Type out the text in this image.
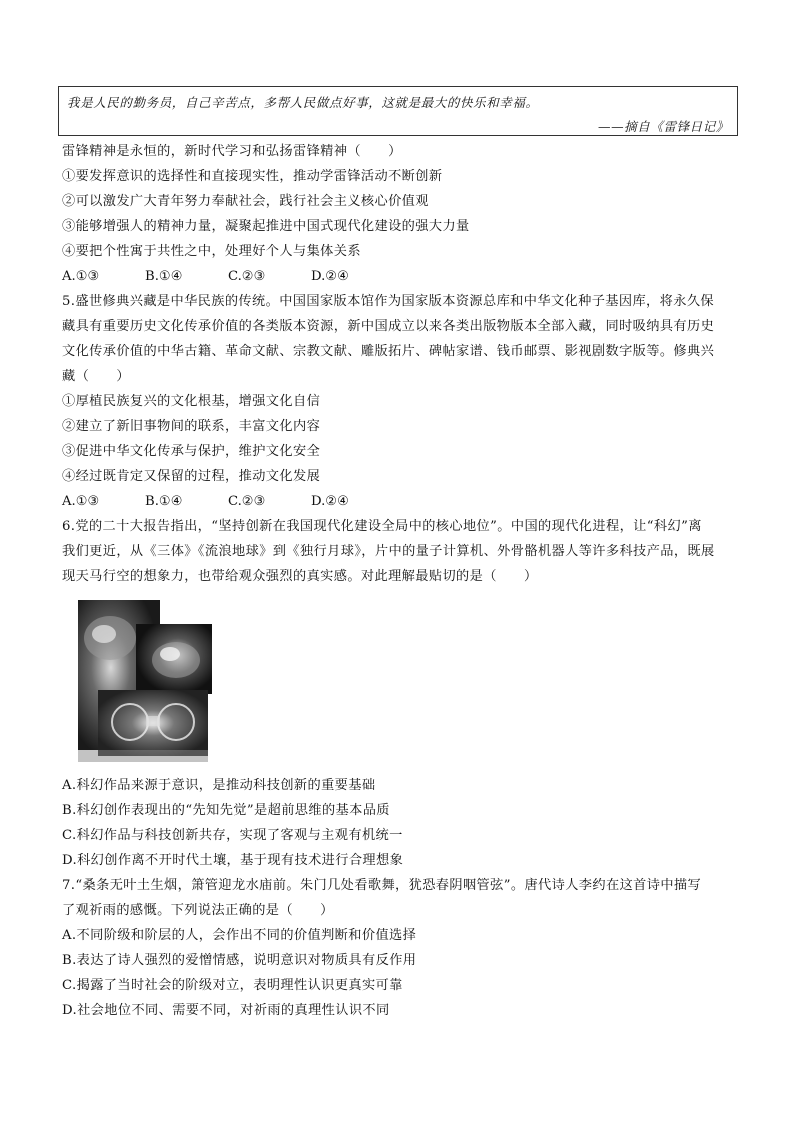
我是人民的勤务员，自己辛苦点，多帮人民做点好事，这就是最大的快乐和幸福。
——摘自《雷锋日记》
雷锋精神是永恒的，新时代学习和弘扬雷锋精神（　　）
①要发挥意识的选择性和直接现实性，推动学雷锋活动不断创新
②可以激发广大青年努力奉献社会，践行社会主义核心价值观
③能够增强人的精神力量，凝聚起推进中国式现代化建设的强大力量
④要把个性寓于共性之中，处理好个人与集体关系
A.①③	B.①④	C.②③	D.②④
5.盛世修典兴藏是中华民族的传统。中国国家版本馆作为国家版本资源总库和中华文化种子基因库，将永久保
藏具有重要历史文化传承价值的各类版本资源，新中国成立以来各类出版物版本全部入藏，同时吸纳具有历史
文化传承价值的中华古籍、革命文献、宗教文献、雕版拓片、碑帖家谱、钱币邮票、影视剧数字版等。修典兴
藏（　　）
①厚植民族复兴的文化根基，增强文化自信
②建立了新旧事物间的联系，丰富文化内容
③促进中华文化传承与保护，维护文化安全
④经过既肯定又保留的过程，推动文化发展
A.①③	B.①④	C.②③	D.②④
6.党的二十大报告指出，“坚持创新在我国现代化建设全局中的核心地位”。中国的现代化进程，让“科幻”离
我们更近，从《三体》《流浪地球》到《独行月球》，片中的量子计算机、外骨骼机器人等许多科技产品，既展
现天马行空的想象力，也带给观众强烈的真实感。对此理解最贴切的是（　　）
A.科幻作品来源于意识，是推动科技创新的重要基础
B.科幻创作表现出的“先知先觉”是超前思维的基本品质
C.科幻作品与科技创新共存，实现了客观与主观有机统一
D.科幻创作离不开时代土壤，基于现有技术进行合理想象
7.“桑条无叶土生烟，箫管迎龙水庙前。朱门几处看歌舞，犹恐春阴咽管弦”。唐代诗人李约在这首诗中描写
了观祈雨的感慨。下列说法正确的是（　　）
A.不同阶级和阶层的人，会作出不同的价值判断和价值选择
B.表达了诗人强烈的爱憎情感，说明意识对物质具有反作用
C.揭露了当时社会的阶级对立，表明理性认识更真实可靠
D.社会地位不同、需要不同，对祈雨的真理性认识不同
